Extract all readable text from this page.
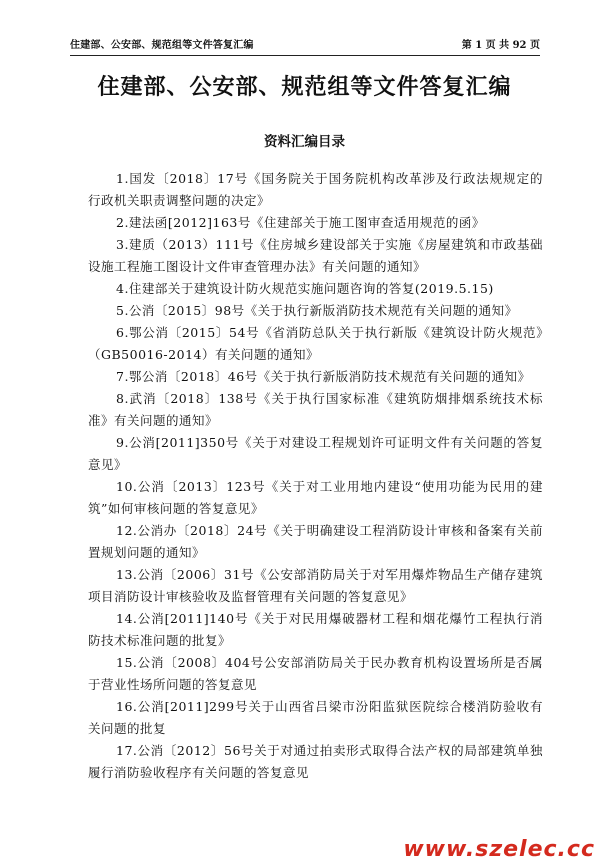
住建部、公安部、规范组等文件答复汇编	第 1 页 共 92 页
住建部、公安部、规范组等文件答复汇编
资料汇编目录
1.国发〔2018〕17号《国务院关于国务院机构改革涉及行政法规规定的行政机关职责调整问题的决定》
2.建法函[2012]163号《住建部关于施工图审查适用规范的函》
3.建质（2013）111号《住房城乡建设部关于实施《房屋建筑和市政基础设施工程施工图设计文件审查管理办法》有关问题的通知》
4.住建部关于建筑设计防火规范实施问题咨询的答复(2019.5.15)
5.公消〔2015〕98号《关于执行新版消防技术规范有关问题的通知》
6.鄂公消〔2015〕54号《省消防总队关于执行新版《建筑设计防火规范》（GB50016-2014）有关问题的通知》
7.鄂公消〔2018〕46号《关于执行新版消防技术规范有关问题的通知》
8.武消〔2018〕138号《关于执行国家标准《建筑防烟排烟系统技术标准》有关问题的通知》
9.公消[2011]350号《关于对建设工程规划许可证明文件有关问题的答复意见》
10.公消〔2013〕123号《关于对工业用地内建设“使用功能为民用的建筑”如何审核问题的答复意见》
12.公消办〔2018〕24号《关于明确建设工程消防设计审核和备案有关前置规划问题的通知》
13.公消〔2006〕31号《公安部消防局关于对军用爆炸物品生产储存建筑项目消防设计审核验收及监督管理有关问题的答复意见》
14.公消[2011]140号《关于对民用爆破器材工程和烟花爆竹工程执行消防技术标准问题的批复》
15.公消〔2008〕404号公安部消防局关于民办教育机构设置场所是否属于营业性场所问题的答复意见
16.公消[2011]299号关于山西省吕梁市汾阳监狱医院综合楼消防验收有关问题的批复
17.公消〔2012〕56号关于对通过拍卖形式取得合法产权的局部建筑单独履行消防验收程序有关问题的答复意见
www.szelec.cc
